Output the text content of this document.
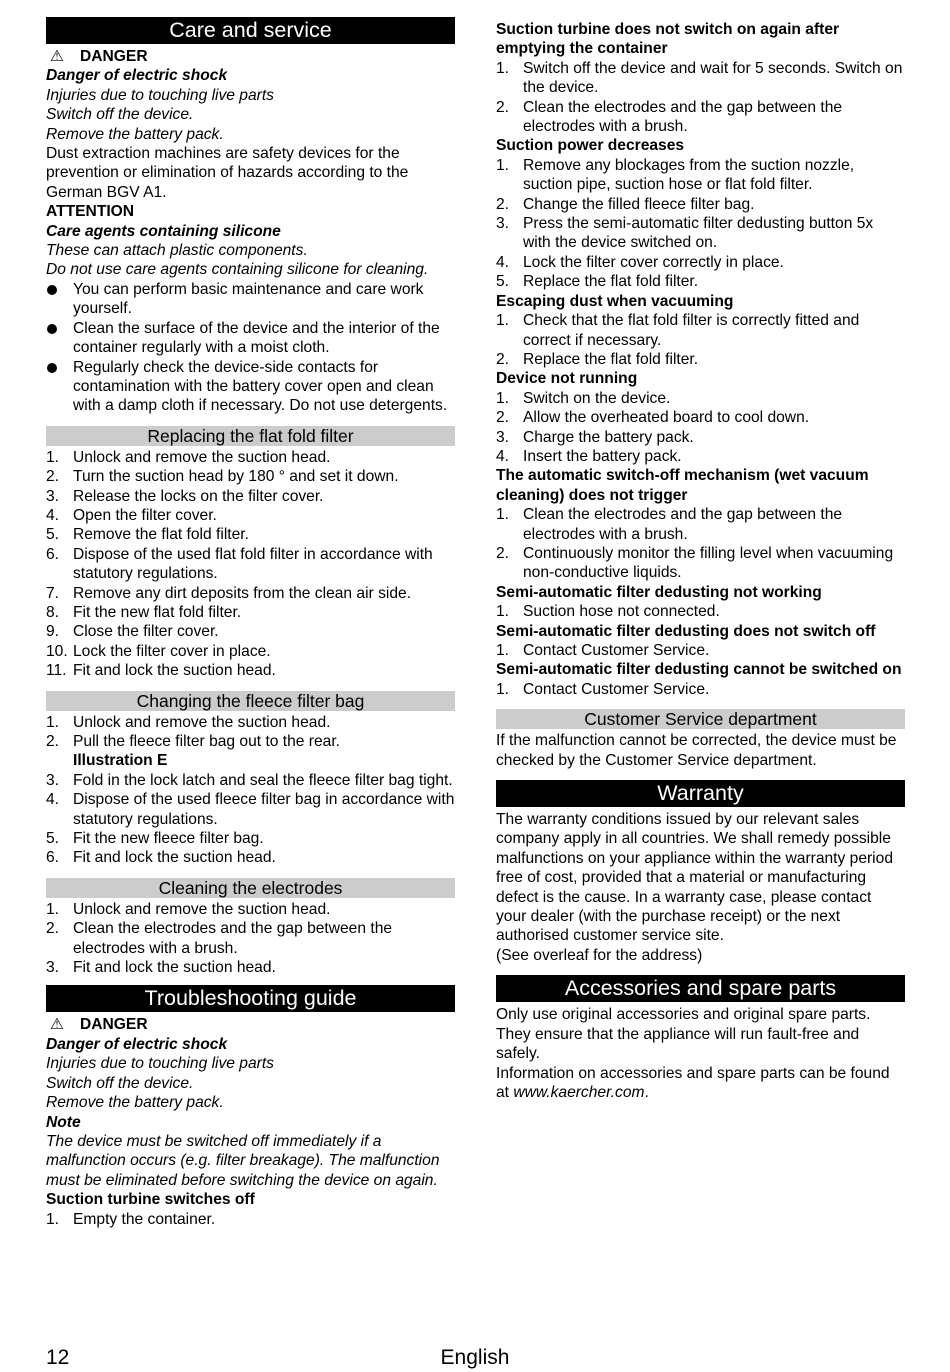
Care and service
⚠ DANGER
Danger of electric shock
Injuries due to touching live parts
Switch off the device.
Remove the battery pack.
Dust extraction machines are safety devices for the prevention or elimination of hazards according to the German BGV A1.
ATTENTION
Care agents containing silicone
These can attach plastic components.
Do not use care agents containing silicone for cleaning.
You can perform basic maintenance and care work yourself.
Clean the surface of the device and the interior of the container regularly with a moist cloth.
Regularly check the device-side contacts for contamination with the battery cover open and clean with a damp cloth if necessary. Do not use detergents.
Replacing the flat fold filter
1. Unlock and remove the suction head.
2. Turn the suction head by 180 ° and set it down.
3. Release the locks on the filter cover.
4. Open the filter cover.
5. Remove the flat fold filter.
6. Dispose of the used flat fold filter in accordance with statutory regulations.
7. Remove any dirt deposits from the clean air side.
8. Fit the new flat fold filter.
9. Close the filter cover.
10. Lock the filter cover in place.
11. Fit and lock the suction head.
Changing the fleece filter bag
1. Unlock and remove the suction head.
2. Pull the fleece filter bag out to the rear.
Illustration E
3. Fold in the lock latch and seal the fleece filter bag tight.
4. Dispose of the used fleece filter bag in accordance with statutory regulations.
5. Fit the new fleece filter bag.
6. Fit and lock the suction head.
Cleaning the electrodes
1. Unlock and remove the suction head.
2. Clean the electrodes and the gap between the electrodes with a brush.
3. Fit and lock the suction head.
Troubleshooting guide
⚠ DANGER
Danger of electric shock
Injuries due to touching live parts
Switch off the device.
Remove the battery pack.
Note
The device must be switched off immediately if a malfunction occurs (e.g. filter breakage). The malfunction must be eliminated before switching the device on again.
Suction turbine switches off
1. Empty the container.
Suction turbine does not switch on again after emptying the container
1. Switch off the device and wait for 5 seconds. Switch on the device.
2. Clean the electrodes and the gap between the electrodes with a brush.
Suction power decreases
1. Remove any blockages from the suction nozzle, suction pipe, suction hose or flat fold filter.
2. Change the filled fleece filter bag.
3. Press the semi-automatic filter dedusting button 5x with the device switched on.
4. Lock the filter cover correctly in place.
5. Replace the flat fold filter.
Escaping dust when vacuuming
1. Check that the flat fold filter is correctly fitted and correct if necessary.
2. Replace the flat fold filter.
Device not running
1. Switch on the device.
2. Allow the overheated board to cool down.
3. Charge the battery pack.
4. Insert the battery pack.
The automatic switch-off mechanism (wet vacuum cleaning) does not trigger
1. Clean the electrodes and the gap between the electrodes with a brush.
2. Continuously monitor the filling level when vacuuming non-conductive liquids.
Semi-automatic filter dedusting not working
1. Suction hose not connected.
Semi-automatic filter dedusting does not switch off
1. Contact Customer Service.
Semi-automatic filter dedusting cannot be switched on
1. Contact Customer Service.
Customer Service department
If the malfunction cannot be corrected, the device must be checked by the Customer Service department.
Warranty
The warranty conditions issued by our relevant sales company apply in all countries. We shall remedy possible malfunctions on your appliance within the warranty period free of cost, provided that a material or manufacturing defect is the cause. In a warranty case, please contact your dealer (with the purchase receipt) or the next authorised customer service site.
(See overleaf for the address)
Accessories and spare parts
Only use original accessories and original spare parts. They ensure that the appliance will run fault-free and safely.
Information on accessories and spare parts can be found at www.kaercher.com.
12	English
